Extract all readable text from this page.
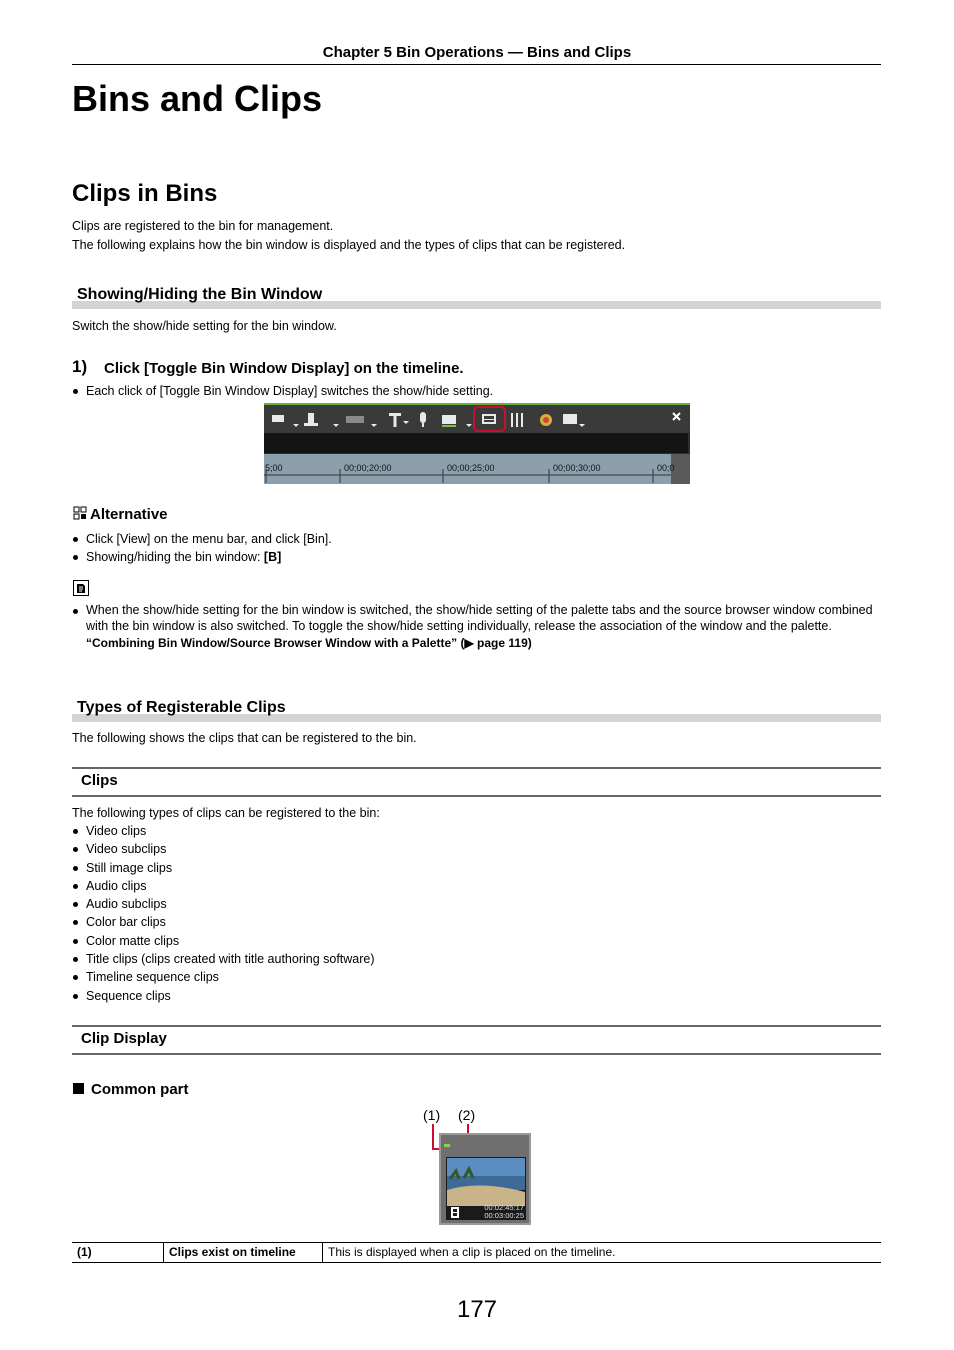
Chapter 5 Bin Operations — Bins and Clips
Bins and Clips
Clips in Bins
Clips are registered to the bin for management.
The following explains how the bin window is displayed and the types of clips that can be registered.
Showing/Hiding the Bin Window
Switch the show/hide setting for the bin window.
1) Click [Toggle Bin Window Display] on the timeline.
Each click of [Toggle Bin Window Display] switches the show/hide setting.
5;00	00;00;20;00	00;00;25;00	00;00;30;00	00;0
Alternative
Click [View] on the menu bar, and click [Bin].
Showing/hiding the bin window: [B]
When the show/hide setting for the bin window is switched, the show/hide setting of the palette tabs and the source browser window combined with the bin window is also switched. To toggle the show/hide setting individually, release the association of the window and the palette.
“Combining Bin Window/Source Browser Window with a Palette” (▶ page 119)
Types of Registerable Clips
The following shows the clips that can be registered to the bin.
Clips
The following types of clips can be registered to the bin:
Video clips
Video subclips
Still image clips
Audio clips
Audio subclips
Color bar clips
Color matte clips
Title clips (clips created with title authoring software)
Timeline sequence clips
Sequence clips
Clip Display
Common part
(1) (2)
00:02:45:17
00:03:00:25
(1)	Clips exist on timeline	This is displayed when a clip is placed on the timeline.
177
